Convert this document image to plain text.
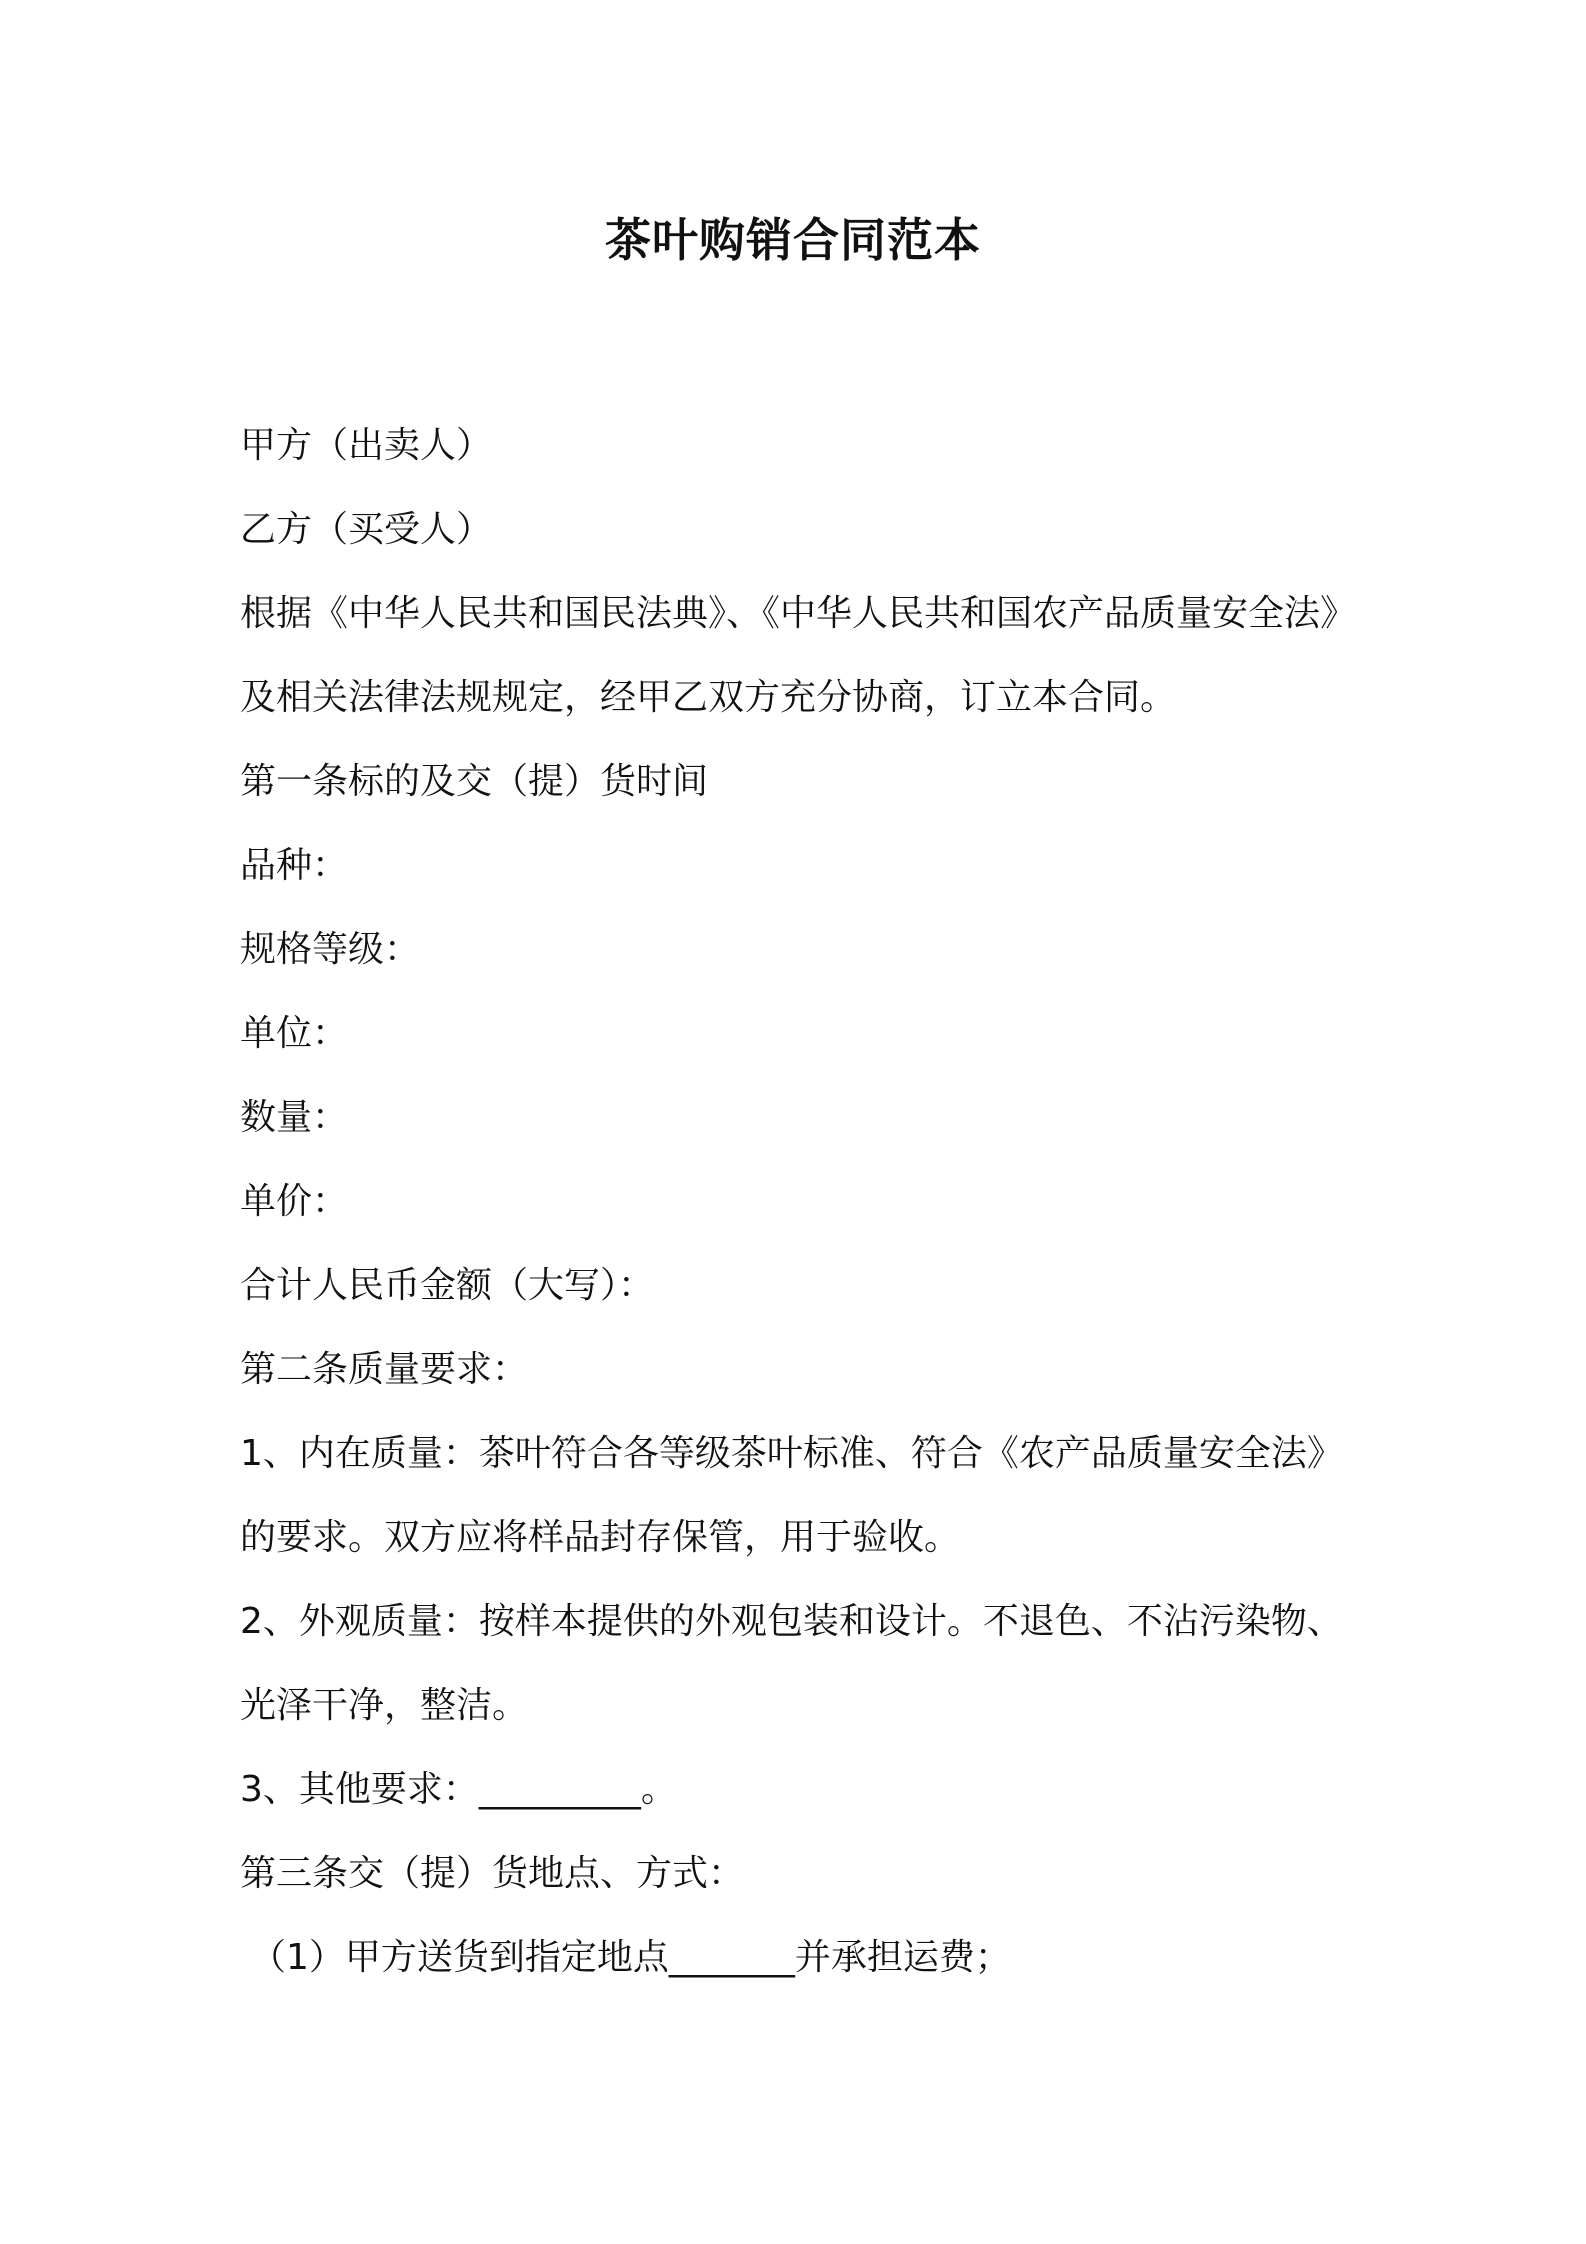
茶叶购销合同范本
甲方（出卖人）
乙方（买受人）
根据《中华人民共和国民法典》、《中华人民共和国农产品质量安全法》
及相关法律法规规定，经甲乙双方充分协商，订立本合同。
第一条标的及交（提）货时间
品种：
规格等级：
单位：
数量：
单价：
合计人民币金额（大写）：
第二条质量要求：
1、内在质量：茶叶符合各等级茶叶标准、符合《农产品质量安全法》
的要求。双方应将样品封存保管，用于验收。
2、外观质量：按样本提供的外观包装和设计。不退色、不沾污染物、
光泽干净，整洁。
3、其他要求：_________。
第三条交（提）货地点、方式：
（1）甲方送货到指定地点_______并承担运费；
